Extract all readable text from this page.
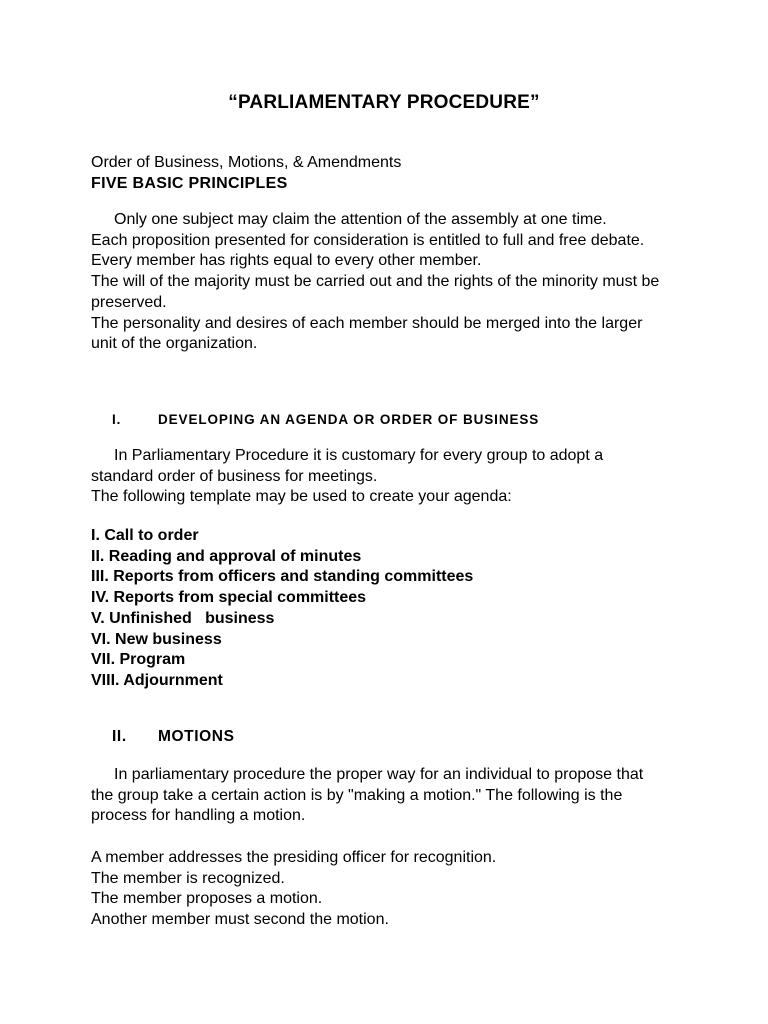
“PARLIAMENTARY PROCEDURE”
Order of Business, Motions, & Amendments
FIVE BASIC PRINCIPLES

Only one subject may claim the attention of the assembly at one time.

Each proposition presented for consideration is entitled to full and free debate.

Every member has rights equal to every other member.

The will of the majority must be carried out and the rights of the minority must be preserved.

The personality and desires of each member should be merged into the larger unit of the organization.

I.	DEVELOPING AN AGENDA OR ORDER OF BUSINESS

In Parliamentary Procedure it is customary for every group to adopt a standard order of business for meetings.

The following template may be used to create your agenda:

I. Call to order
II. Reading and approval of minutes
III. Reports from officers and standing committees
IV. Reports from special committees
V. Unfinished   business
VI. New business
VII. Program
VIII. Adjournment
II. MOTIONS

In parliamentary procedure the proper way for an individual to propose that the group take a certain action is by "making a motion." The following is the process for handling a motion.

A member addresses the presiding officer for recognition.
The member is recognized.
The member proposes a motion.
Another member must second the motion.
